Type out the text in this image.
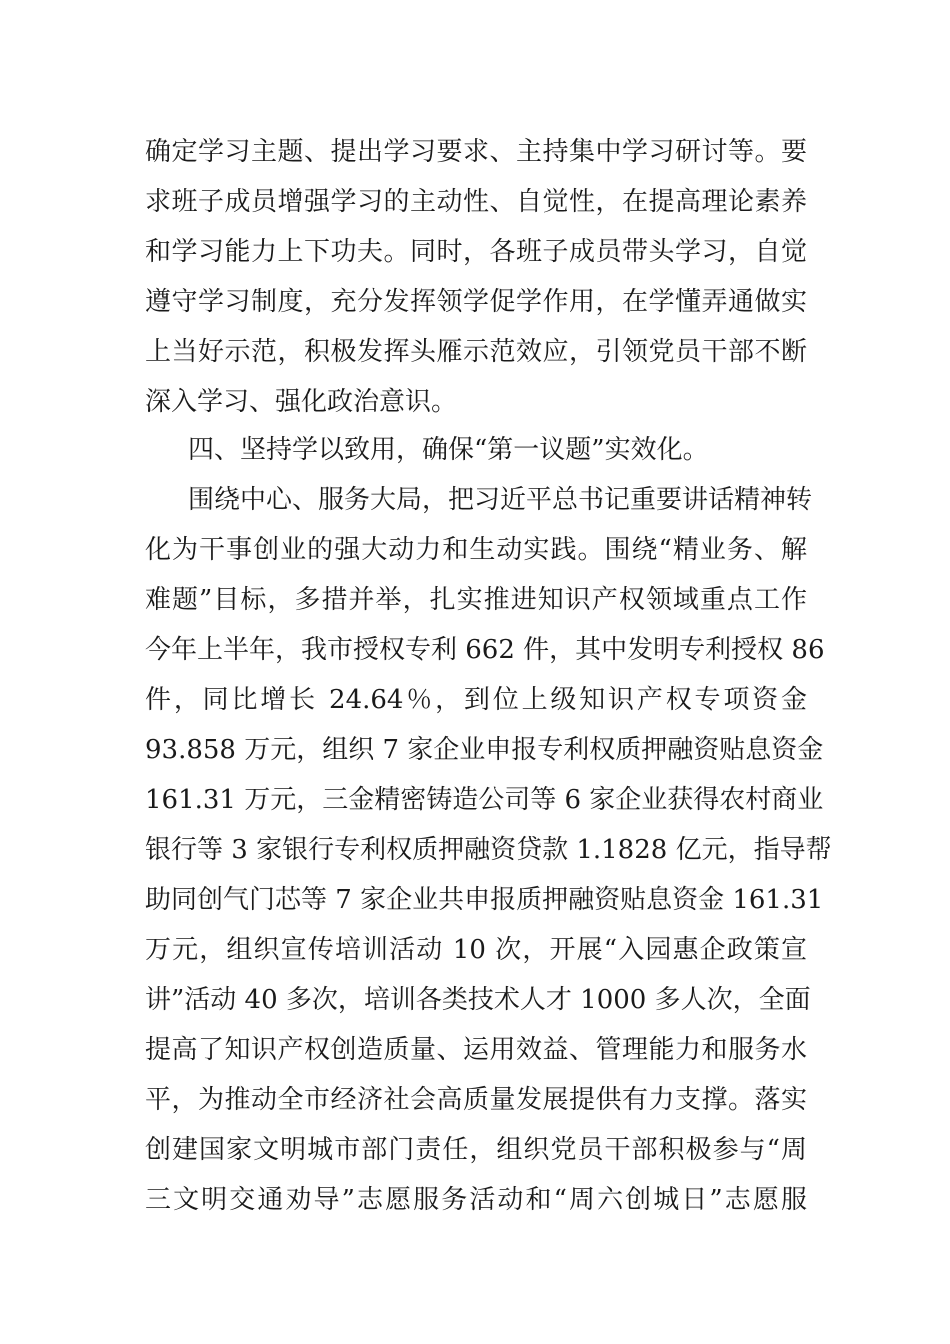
确定学习主题、提出学习要求、主持集中学习研讨等。要
求班子成员增强学习的主动性、自觉性，在提高理论素养
和学习能力上下功夫。同时，各班子成员带头学习，自觉
遵守学习制度，充分发挥领学促学作用，在学懂弄通做实
上当好示范，积极发挥头雁示范效应，引领党员干部不断
深入学习、强化政治意识。
四、坚持学以致用，确保“第一议题”实效化。
围绕中心、服务大局，把习近平总书记重要讲话精神转
化为干事创业的强大动力和生动实践。围绕“精业务、解
难题”目标，多措并举，扎实推进知识产权领域重点工作
今年上半年，我市授权专利 662 件，其中发明专利授权 86
件，同比增长 24.64％，到位上级知识产权专项资金
93.858 万元，组织 7 家企业申报专利权质押融资贴息资金
161.31 万元，三金精密铸造公司等 6 家企业获得农村商业
银行等 3 家银行专利权质押融资贷款 1.1828 亿元，指导帮
助同创气门芯等 7 家企业共申报质押融资贴息资金 161.31
万元，组织宣传培训活动 10 次，开展“入园惠企政策宣
讲”活动 40 多次，培训各类技术人才 1000 多人次，全面
提高了知识产权创造质量、运用效益、管理能力和服务水
平，为推动全市经济社会高质量发展提供有力支撑。落实
创建国家文明城市部门责任，组织党员干部积极参与“周
三文明交通劝导”志愿服务活动和“周六创城日”志愿服
